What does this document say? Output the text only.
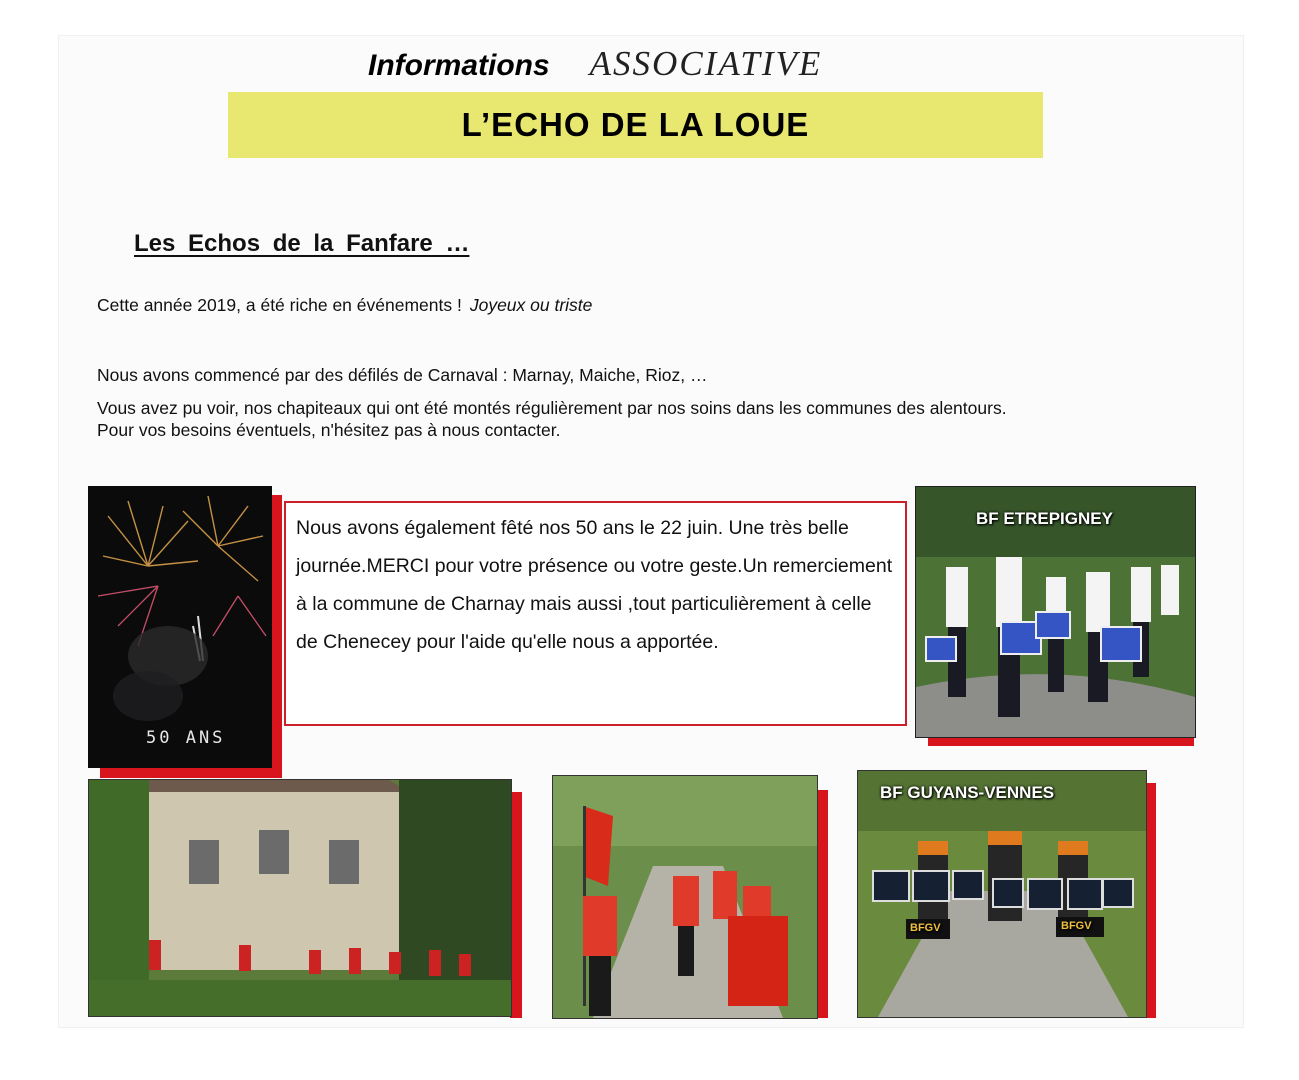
Informations ASSOCIATIVE
L’ECHO DE LA LOUE
Les Echos de la Fanfare …
Cette année 2019, a été riche en événements ! Joyeux ou triste
Nous avons commencé par des défilés de Carnaval : Marnay, Maiche, Rioz, …
Vous avez pu voir, nos chapiteaux qui ont été montés régulièrement par nos soins dans les communes des alentours.
Pour vos besoins éventuels, n'hésitez pas à nous contacter.
50 ANS
Nous avons également fêté nos 50 ans le 22 juin. Une très belle journée.MERCI pour votre présence ou votre geste.Un remerciement à la commune de Charnay mais aussi ,tout particulièrement à celle de Chenecey pour l'aide qu'elle nous a apportée.
BF ETREPIGNEY
BF GUYANS-VENNES
BFGV	BFGV
